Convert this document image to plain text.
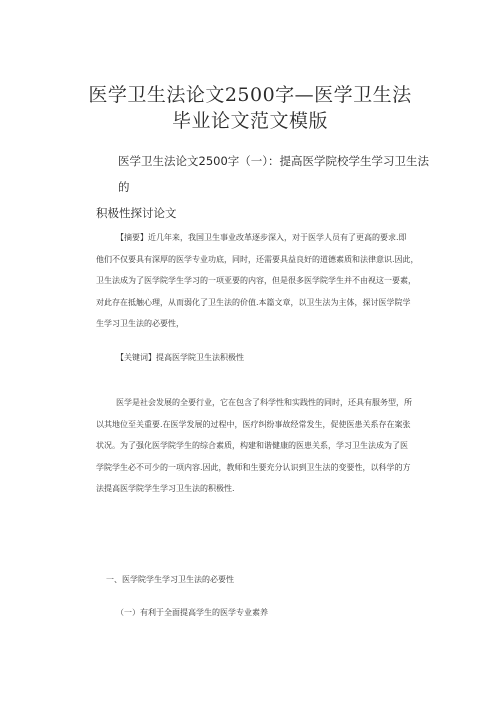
医学卫生法论文2500字—医学卫生法
毕业论文范文模版
医学卫生法论文2500字（一）：提高医学院校学生学习卫生法的
积极性探讨论文
【摘要】近几年来，我国卫生事业改革逐步深入，对于医学人员有了更高的要求.即
他们不仅要具有深厚的医学专业功底，同时，还需要具益良好的道德素质和法律意识.因此，
卫生法成为了医学院学生学习的一项亚要的内容，但是很多医学院学生并不由视这一要素，
对此存在抵触心理，从而弱化了卫生法的价值.本篇文章，以卫生法为主体，探讨医学院学
生学习卫生法的必要性，
【关键词】提高医学院卫生法积极性
医学是社会发展的全要行业，它在包含了科学性和实践性的同时，还具有服务型，所
以其地位至关重要.在医学发展的过程中，医疗纠纷事故经常发生，促使医患关系存在案张
状况。为了强化医学院学生的综合素质，构建和谐健康的医患关系，学习卫生法成为了医
学院学生必不可少的一项内容.因此，教师和生要充分认识到卫生法的变要性，以科学的方
法提高医学院学生学习卫生法的积极性.
一、医学院学生学习卫生法的必要性
（一）有利于全面提高学生的医学专业素养
